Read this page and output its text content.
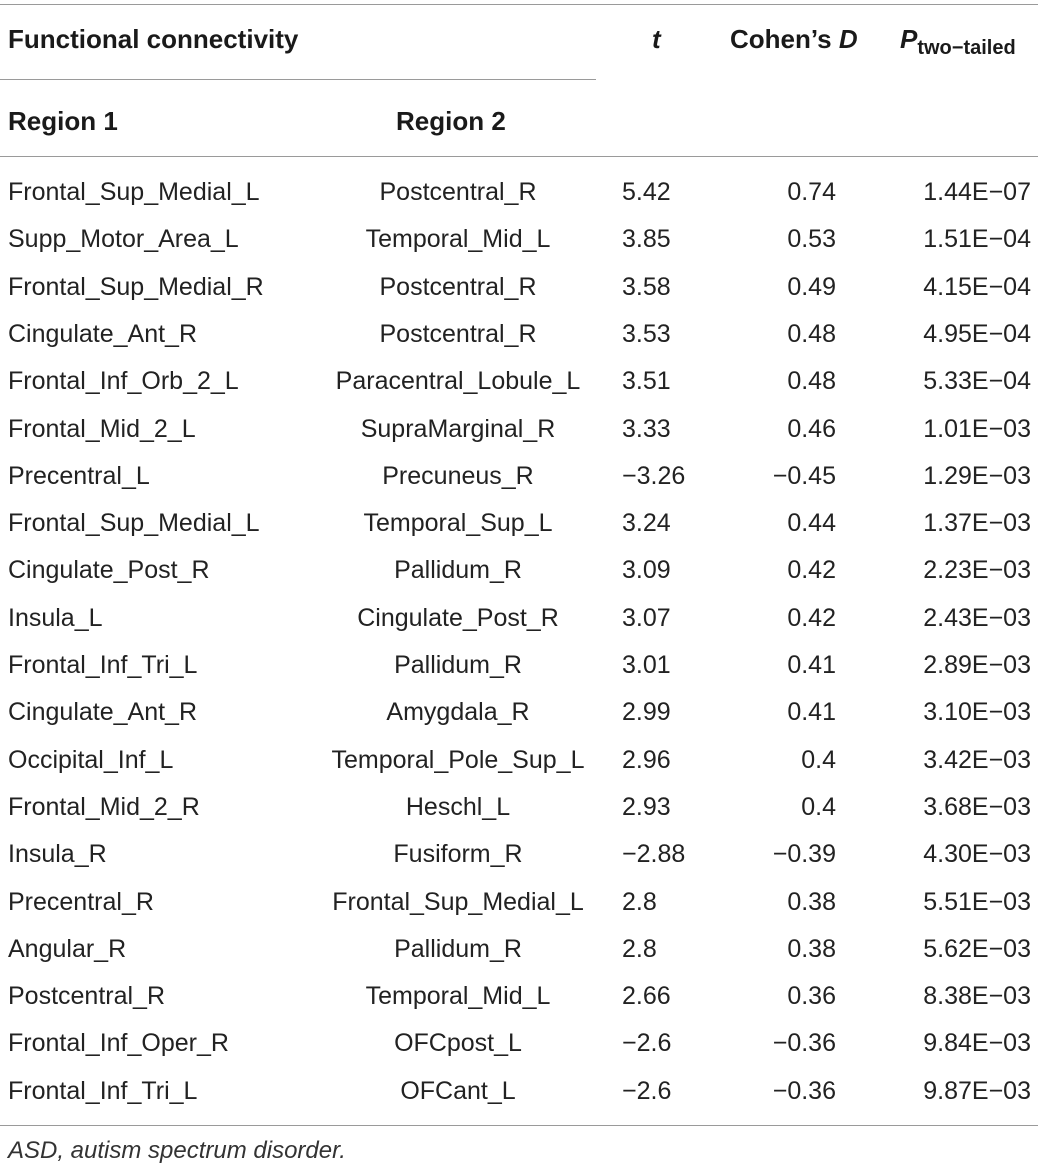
Functional connectivity	t	Cohen’s D $P_{two-tailed}$
Region 1	Region 2
Frontal_Sup_Medial_L	Postcentral_R	5.42	0.74	1.44E−07
Supp_Motor_Area_L	Temporal_Mid_L	3.85	0.53	1.51E−04
Frontal_Sup_Medial_R	Postcentral_R	3.58	0.49	4.15E−04
Cingulate_Ant_R	Postcentral_R	3.53	0.48	4.95E−04
Frontal_Inf_Orb_2_L	Paracentral_Lobule_L 3.51	0.48	5.33E−04
Frontal_Mid_2_L	SupraMarginal_R	3.33	0.46	1.01E−03
Precentral_L	Precuneus_R	−3.26	−0.45	1.29E−03
Frontal_Sup_Medial_L	Temporal_Sup_L	3.24	0.44	1.37E−03
Cingulate_Post_R	Pallidum_R	3.09	0.42	2.23E−03
Insula_L	Cingulate_Post_R	3.07	0.42	2.43E−03
Frontal_Inf_Tri_L	Pallidum_R	3.01	0.41	2.89E−03
Cingulate_Ant_R	Amygdala_R	2.99	0.41	3.10E−03
Occipital_Inf_L	Temporal_Pole_Sup_L 2.96	0.4	3.42E−03
Frontal_Mid_2_R	Heschl_L	2.93	0.4	3.68E−03
Insula_R	Fusiform_R	−2.88	−0.39	4.30E−03
Precentral_R	Frontal_Sup_Medial_L 2.8	0.38	5.51E−03
Angular_R	Pallidum_R	2.8	0.38	5.62E−03
Postcentral_R	Temporal_Mid_L	2.66	0.36	8.38E−03
Frontal_Inf_Oper_R	OFCpost_L	−2.6	−0.36	9.84E−03
Frontal_Inf_Tri_L	OFCant_L	−2.6	−0.36	9.87E−03
ASD, autism spectrum disorder.
